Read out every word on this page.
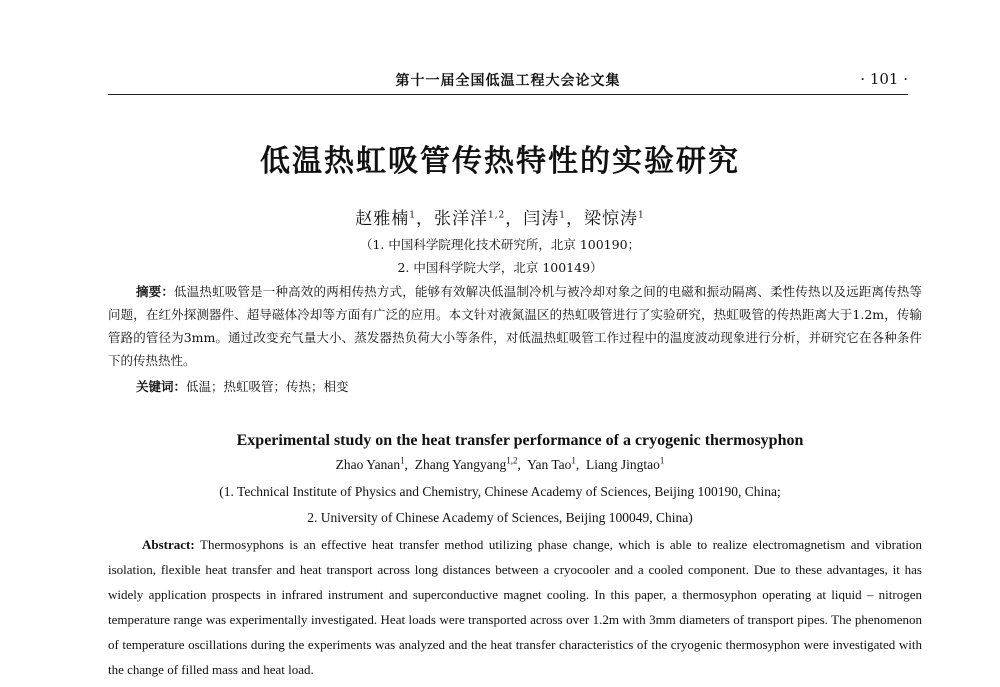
第十一届全国低温工程大会论文集	· 101 ·
低温热虹吸管传热特性的实验研究
赵雅楠$^1$，张洋洋$^{1,2}$，闫涛$^1$，梁惊涛$^1$
（1. 中国科学院理化技术研究所，北京 100190；
2. 中国科学院大学，北京 100149）
摘要：低温热虹吸管是一种高效的两相传热方式，能够有效解决低温制冷机与被冷却对象之间的电磁和振动隔离、柔性传热以及远距离传热等问题，在红外探测器件、超导磁体冷却等方面有广泛的应用。本文针对液氮温区的热虹吸管进行了实验研究，热虹吸管的传热距离大于1.2m，传输管路的管径为3mm。通过改变充气量大小、蒸发器热负荷大小等条件，对低温热虹吸管工作过程中的温度波动现象进行分析，并研究它在各种条件下的传热热性。
关键词：低温；热虹吸管；传热；相变
Experimental study on the heat transfer performance of a cryogenic thermosyphon
Zhao Yanan$^1$,  Zhang Yangyang$^{1,2}$,  Yan Tao$^1$,  Liang Jingtao$^1$
(1. Technical Institute of Physics and Chemistry, Chinese Academy of Sciences, Beijing 100190, China;
2. University of Chinese Academy of Sciences, Beijing 100049, China)
Abstract: Thermosyphons is an effective heat transfer method utilizing phase change, which is able to realize electromagnetism and vibration isolation, flexible heat transfer and heat transport across long distances between a cryocooler and a cooled component. Due to these advantages, it has widely application prospects in infrared instrument and superconductive magnet cooling. In this paper, a thermosyphon operating at liquid – nitrogen temperature range was experimentally investigated. Heat loads were transported across over 1.2m with 3mm diameters of transport pipes. The phenomenon of temperature oscillations during the experiments was analyzed and the heat transfer characteristics of the cryogenic thermosyphon were investigated with the change of filled mass and heat load.
